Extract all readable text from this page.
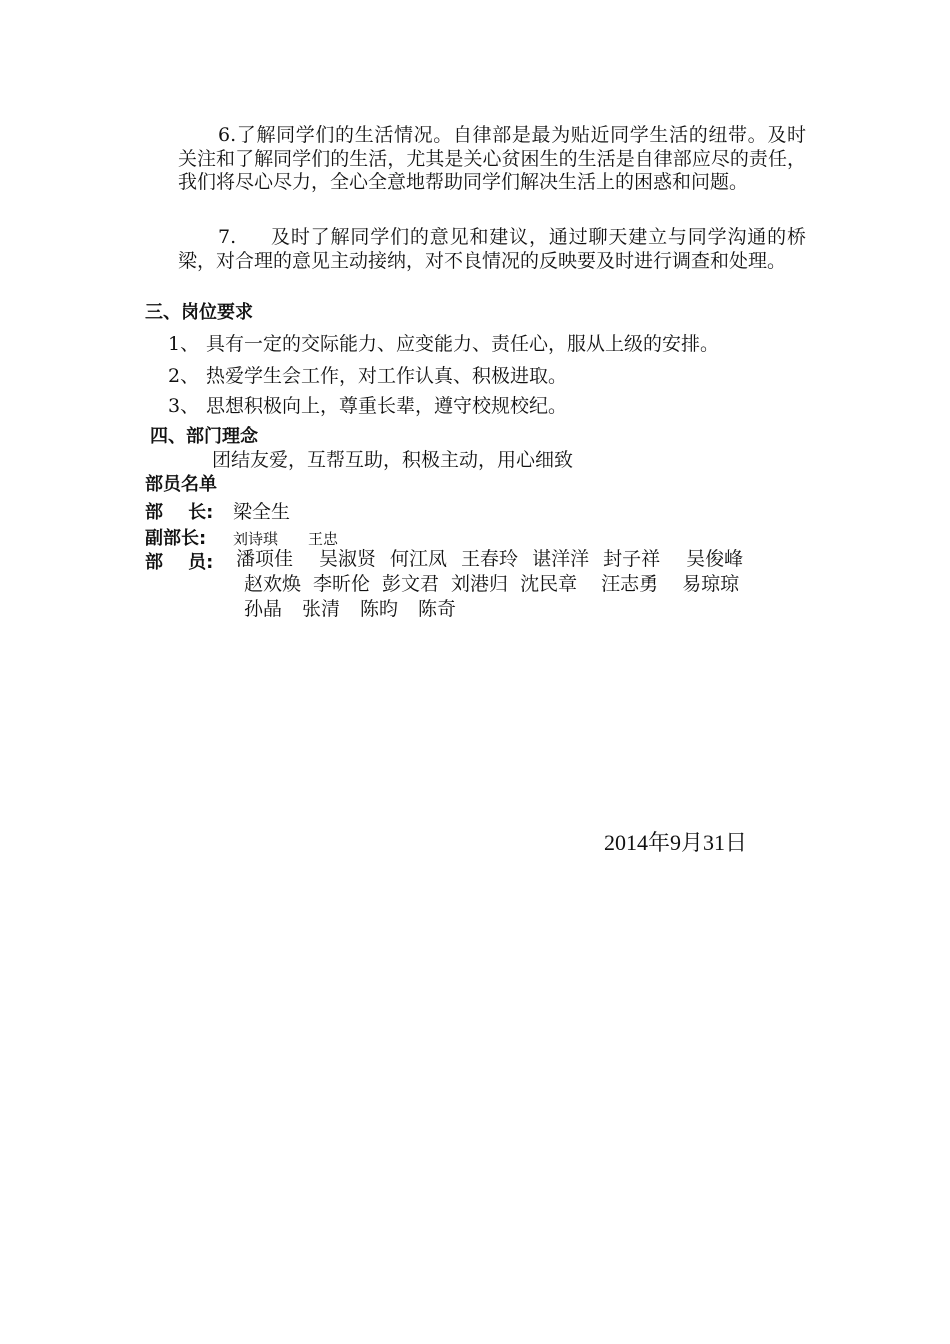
6.了解同学们的生活情况。自律部是最为贴近同学生活的纽带。及时关注和了解同学们的生活，尤其是关心贫困生的生活是自律部应尽的责任，我们将尽心尽力，全心全意地帮助同学们解决生活上的困惑和问题。
7. 及时了解同学们的意见和建议，通过聊天建立与同学沟通的桥梁，对合理的意见主动接纳，对不良情况的反映要及时进行调查和处理。
三、岗位要求
1、 具有一定的交际能力、应变能力、责任心，服从上级的安排。
2、 热爱学生会工作，对工作认真、积极进取。
3、 思想积极向上，尊重长辈，遵守校规校纪。
四、部门理念
团结友爱，互帮互助，积极主动，用心细致
部员名单
部    长: 梁全生
副部长: 刘诗琪 王忠
部    员: 潘项佳 吴淑贤 何江凤 王春玲 谌洋洋 封子祥 吴俊峰
赵欢焕 李昕伦 彭文君 刘港归 沈民章 汪志勇 易琼琼
孙晶 张清 陈昀 陈奇
2014年9月31日
